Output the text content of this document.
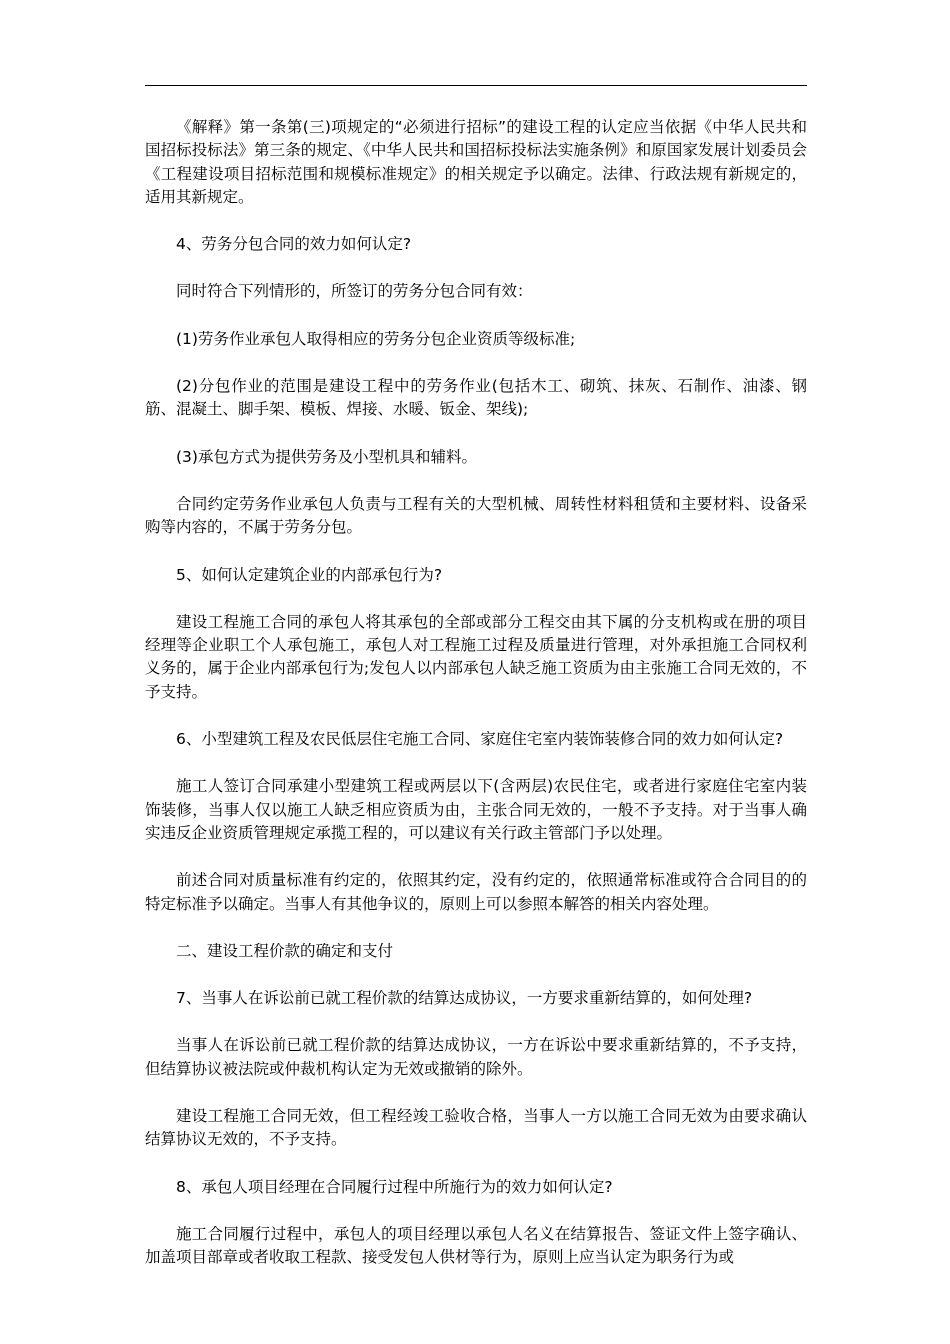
《解释》第一条第(三)项规定的“必须进行招标”的建设工程的认定应当依据《中华人民共和国招标投标法》第三条的规定、《中华人民共和国招标投标法实施条例》和原国家发展计划委员会《工程建设项目招标范围和规模标准规定》的相关规定予以确定。法律、行政法规有新规定的，适用其新规定。

4、劳务分包合同的效力如何认定?

同时符合下列情形的，所签订的劳务分包合同有效：

(1)劳务作业承包人取得相应的劳务分包企业资质等级标准;

(2)分包作业的范围是建设工程中的劳务作业(包括木工、砌筑、抹灰、石制作、油漆、钢筋、混凝土、脚手架、模板、焊接、水暖、钣金、架线);

(3)承包方式为提供劳务及小型机具和辅料。

合同约定劳务作业承包人负责与工程有关的大型机械、周转性材料租赁和主要材料、设备采购等内容的，不属于劳务分包。

5、如何认定建筑企业的内部承包行为?

建设工程施工合同的承包人将其承包的全部或部分工程交由其下属的分支机构或在册的项目经理等企业职工个人承包施工，承包人对工程施工过程及质量进行管理，对外承担施工合同权利义务的，属于企业内部承包行为;发包人以内部承包人缺乏施工资质为由主张施工合同无效的，不予支持。

6、小型建筑工程及农民低层住宅施工合同、家庭住宅室内装饰装修合同的效力如何认定?

施工人签订合同承建小型建筑工程或两层以下(含两层)农民住宅，或者进行家庭住宅室内装饰装修，当事人仅以施工人缺乏相应资质为由，主张合同无效的，一般不予支持。对于当事人确实违反企业资质管理规定承揽工程的，可以建议有关行政主管部门予以处理。

前述合同对质量标准有约定的，依照其约定，没有约定的，依照通常标准或符合合同目的的特定标准予以确定。当事人有其他争议的，原则上可以参照本解答的相关内容处理。

二、建设工程价款的确定和支付

7、当事人在诉讼前已就工程价款的结算达成协议，一方要求重新结算的，如何处理?

当事人在诉讼前已就工程价款的结算达成协议，一方在诉讼中要求重新结算的，不予支持，但结算协议被法院或仲裁机构认定为无效或撤销的除外。

建设工程施工合同无效，但工程经竣工验收合格，当事人一方以施工合同无效为由要求确认结算协议无效的，不予支持。

8、承包人项目经理在合同履行过程中所施行为的效力如何认定?

施工合同履行过程中，承包人的项目经理以承包人名义在结算报告、签证文件上签字确认、加盖项目部章或者收取工程款、接受发包人供材等行为，原则上应当认定为职务行为或
